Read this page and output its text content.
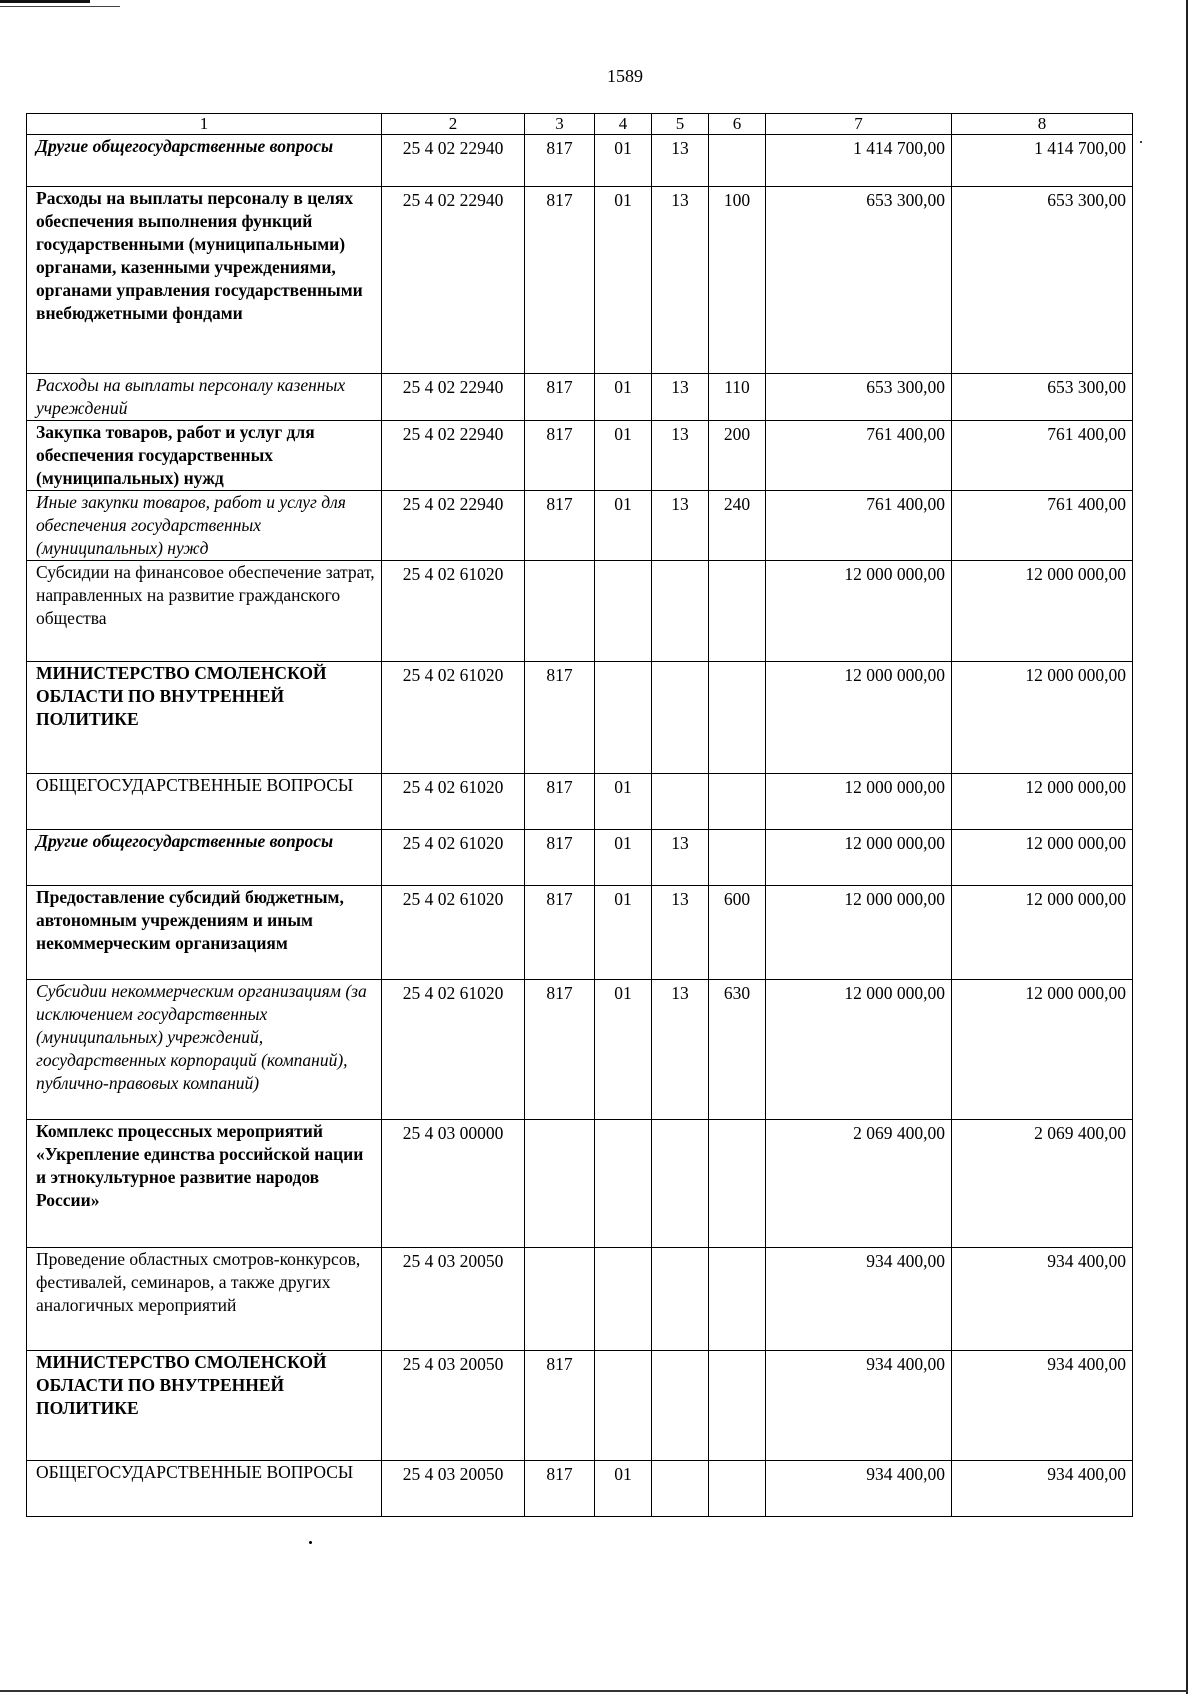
1589
1	2	3	4	5	6	7	8
Другие общегосударственные вопросы	25 4 02 22940	817	01	13		1 414 700,00	1 414 700,00
Расходы на выплаты персоналу в целях обеспечения выполнения функций государственными (муниципальными) органами, казенными учреждениями, органами управления государственными внебюджетными фондами	25 4 02 22940	817	01	13	100	653 300,00	653 300,00
Расходы на выплаты персоналу казенных учреждений	25 4 02 22940	817	01	13	110	653 300,00	653 300,00
Закупка товаров, работ и услуг для обеспечения государственных (муниципальных) нужд	25 4 02 22940	817	01	13	200	761 400,00	761 400,00
Иные закупки товаров, работ и услуг для обеспечения государственных (муниципальных) нужд	25 4 02 22940	817	01	13	240	761 400,00	761 400,00
Субсидии на финансовое обеспечение затрат, направленных на развитие гражданского общества	25 4 02 61020					12 000 000,00	12 000 000,00
МИНИСТЕРСТВО СМОЛЕНСКОЙ ОБЛАСТИ ПО ВНУТРЕННЕЙ ПОЛИТИКЕ	25 4 02 61020	817				12 000 000,00	12 000 000,00
ОБЩЕГОСУДАРСТВЕННЫЕ ВОПРОСЫ	25 4 02 61020	817	01			12 000 000,00	12 000 000,00
Другие общегосударственные вопросы	25 4 02 61020	817	01	13		12 000 000,00	12 000 000,00
Предоставление субсидий бюджетным, автономным учреждениям и иным некоммерческим организациям	25 4 02 61020	817	01	13	600	12 000 000,00	12 000 000,00
Субсидии некоммерческим организациям (за исключением государственных (муниципальных) учреждений, государственных корпораций (компаний), публично-правовых компаний)	25 4 02 61020	817	01	13	630	12 000 000,00	12 000 000,00
Комплекс процессных мероприятий «Укрепление единства российской нации и этнокультурное развитие народов России»	25 4 03 00000					2 069 400,00	2 069 400,00
Проведение областных смотров-конкурсов, фестивалей, семинаров, а также других аналогичных мероприятий	25 4 03 20050					934 400,00	934 400,00
МИНИСТЕРСТВО СМОЛЕНСКОЙ ОБЛАСТИ ПО ВНУТРЕННЕЙ ПОЛИТИКЕ	25 4 03 20050	817				934 400,00	934 400,00
ОБЩЕГОСУДАРСТВЕННЫЕ ВОПРОСЫ	25 4 03 20050	817	01			934 400,00	934 400,00
